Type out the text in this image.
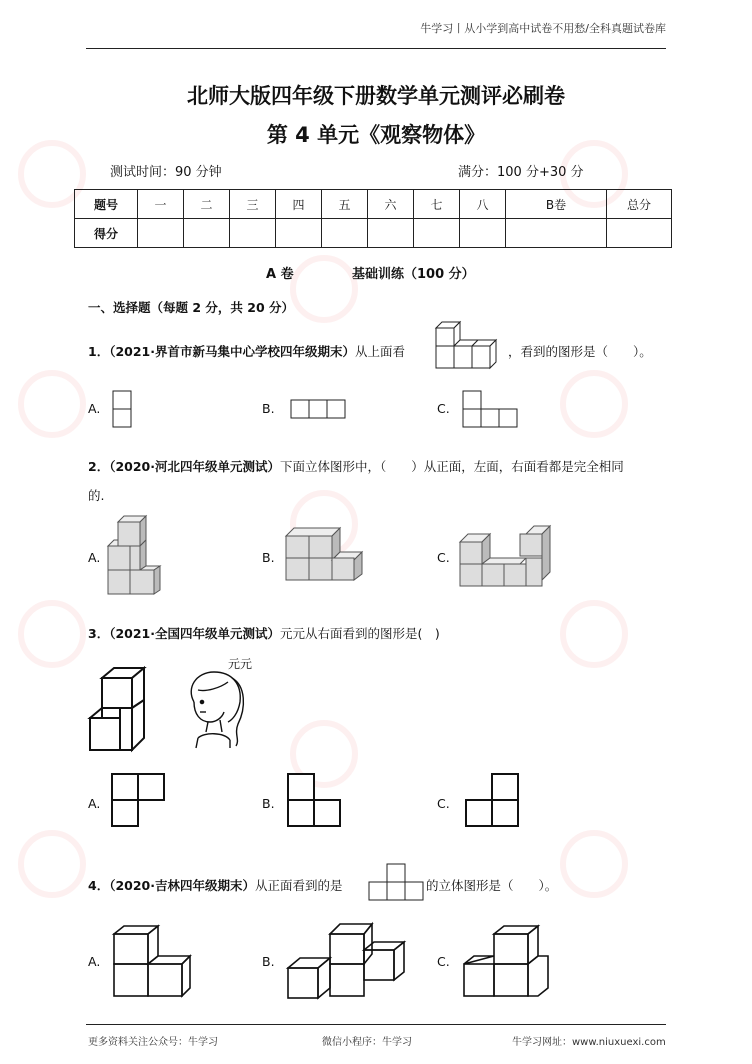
牛学习丨从小学到高中试卷不用愁/全科真题试卷库
北师大版四年级下册数学单元测评必刷卷
第 4 单元《观察物体》
测试时间：90 分钟	满分：100 分+30 分
题号	一	二	三	四	五	六	七	八	B卷	总分
得分										
A 卷	基础训练（100 分）
一、选择题（每题 2 分，共 20 分）
1．（2021·界首市新马集中心学校四年级期末）从上面看	，看到的图形是（　　）。
A.	B.	C.
2．（2020·河北四年级单元测试）下面立体图形中，（　　）从正面，左面，右面看都是完全相同
的.
A.	B.	C.
3．（2021·全国四年级单元测试）元元从右面看到的图形是(　)
元元
A.	B.	C.
4．（2020·吉林四年级期末）从正面看到的是	的立体图形是（　　）。
A.	B.	C.
更多资料关注公众号：牛学习	微信小程序：牛学习	牛学习网址：www.niuxuexi.com
